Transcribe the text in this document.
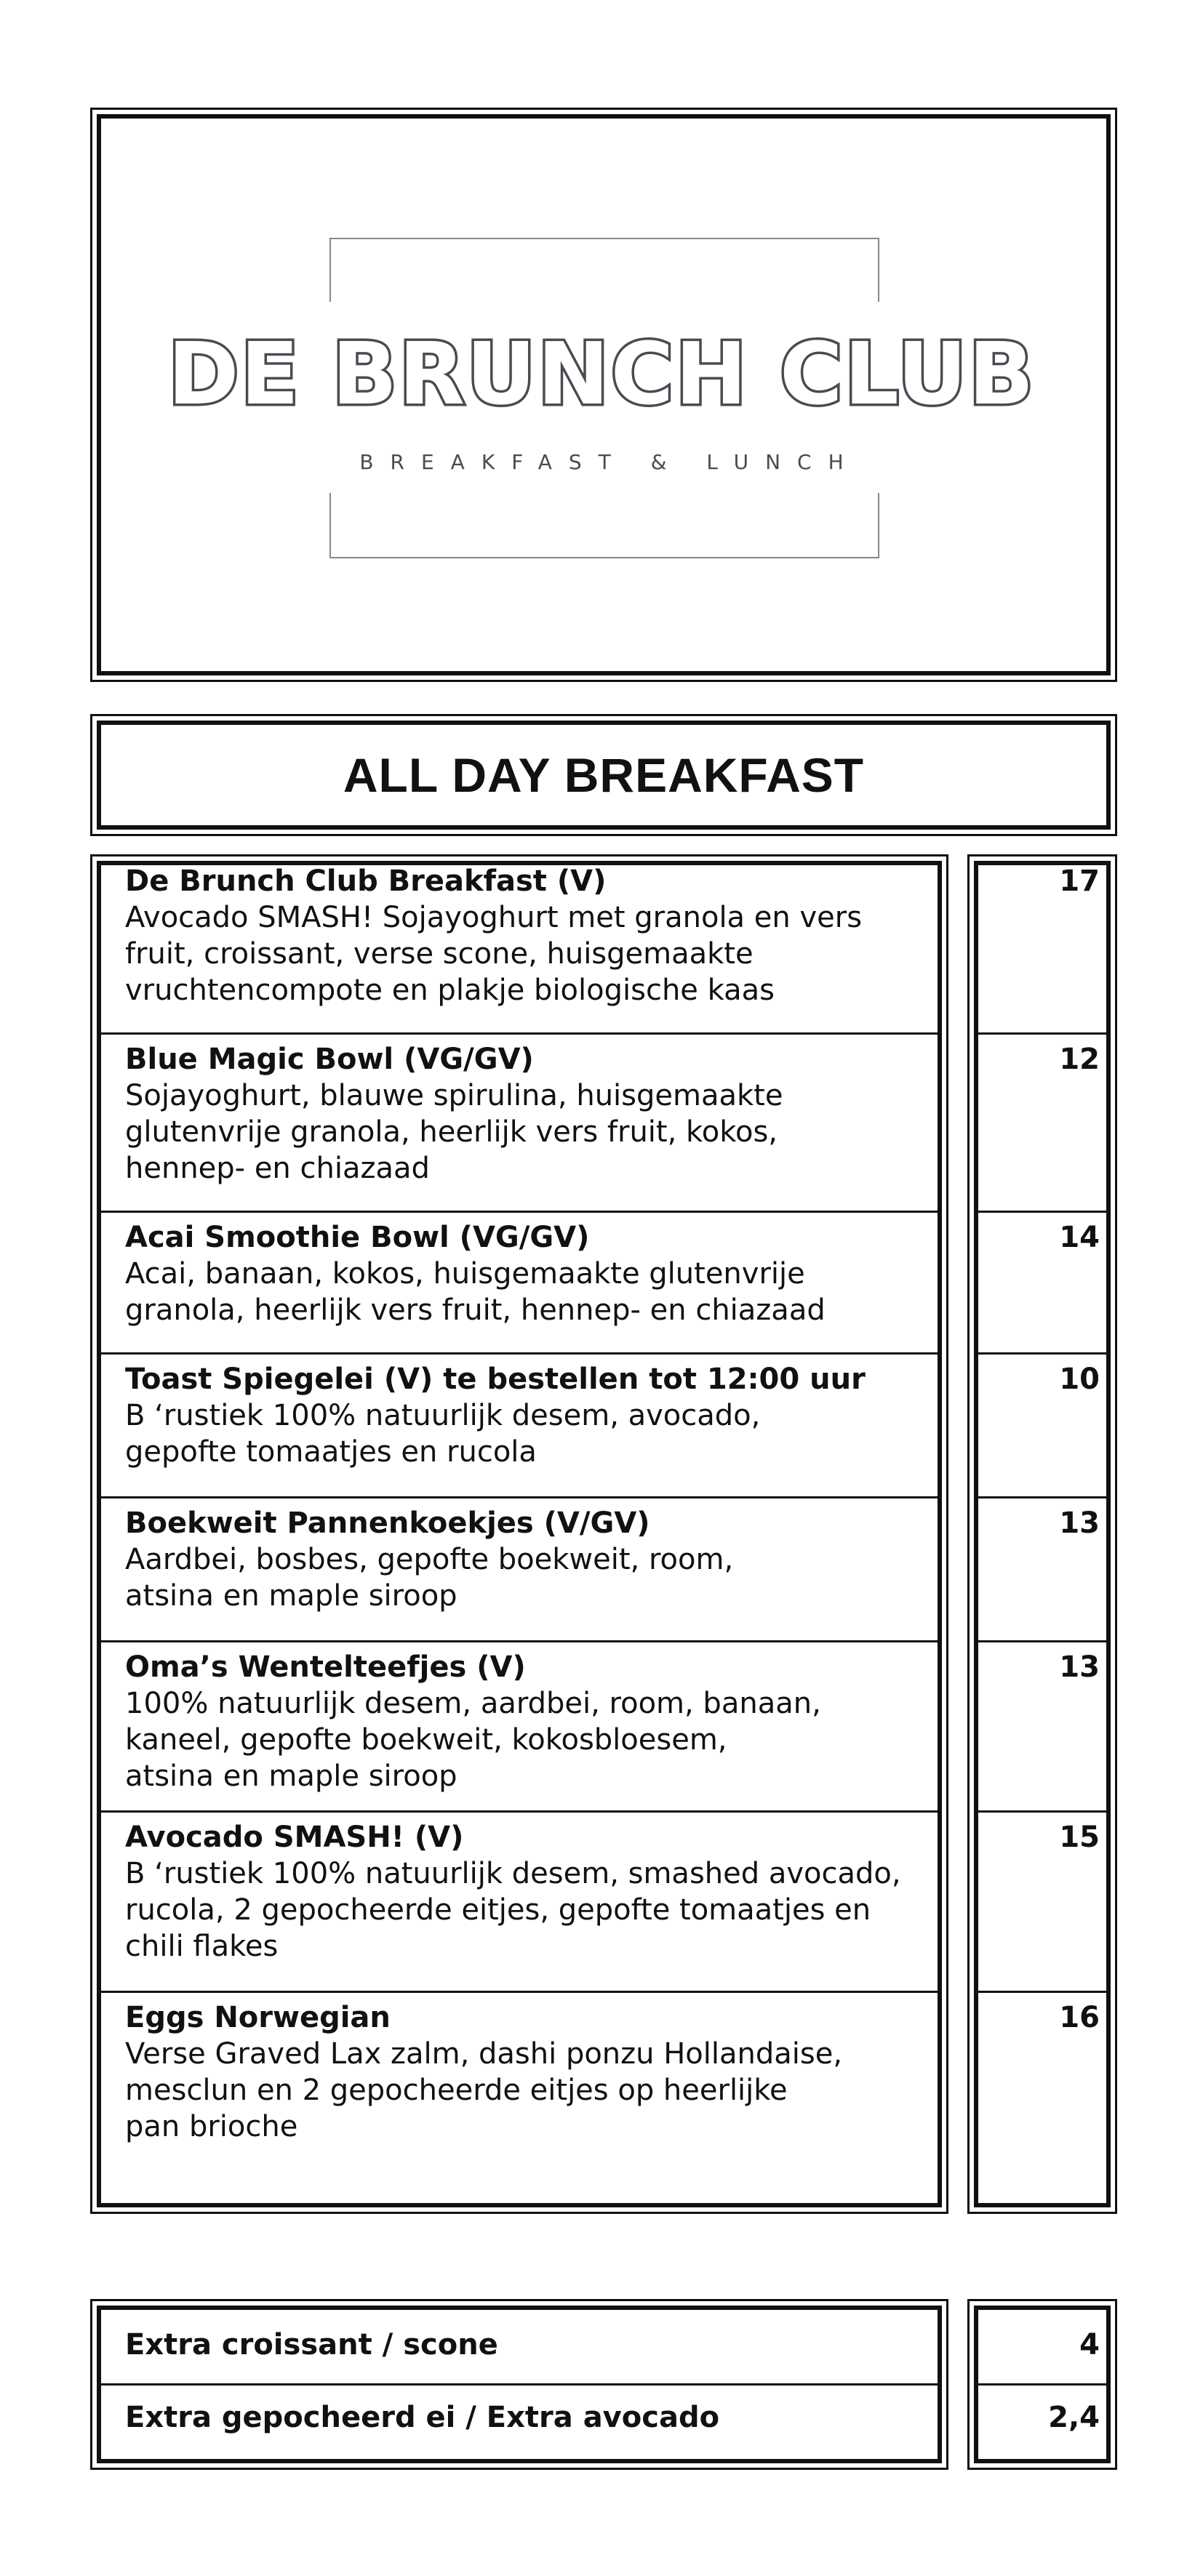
DE BRUNCH CLUB
BREAKFAST & LUNCH
ALL DAY BREAKFAST
De Brunch Club Breakfast (V)
Avocado SMASH! Sojayoghurt met granola en vers
fruit, croissant, verse scone, huisgemaakte
vruchtencompote en plakje biologische kaas
17
Blue Magic Bowl (VG/GV)
Sojayoghurt, blauwe spirulina, huisgemaakte
glutenvrije granola, heerlijk vers fruit, kokos,
hennep- en chiazaad
12
Acai Smoothie Bowl (VG/GV)
Acai, banaan, kokos, huisgemaakte glutenvrije
granola, heerlijk vers fruit, hennep- en chiazaad
14
Toast Spiegelei (V) te bestellen tot 12:00 uur
B ‘rustiek 100% natuurlijk desem, avocado,
gepofte tomaatjes en rucola
10
Boekweit Pannenkoekjes (V/GV)
Aardbei, bosbes, gepofte boekweit, room,
atsina en maple siroop
13
Oma’s Wentelteefjes (V)
100% natuurlijk desem, aardbei, room, banaan,
kaneel, gepofte boekweit, kokosbloesem,
atsina en maple siroop
13
Avocado SMASH! (V)
B ‘rustiek 100% natuurlijk desem, smashed avocado,
rucola, 2 gepocheerde eitjes, gepofte tomaatjes en
chili flakes
15
Eggs Norwegian
Verse Graved Lax zalm, dashi ponzu Hollandaise,
mesclun en 2 gepocheerde eitjes op heerlijke
pan brioche
16
Extra croissant / scone	4
Extra gepocheerd ei / Extra avocado	2,4
